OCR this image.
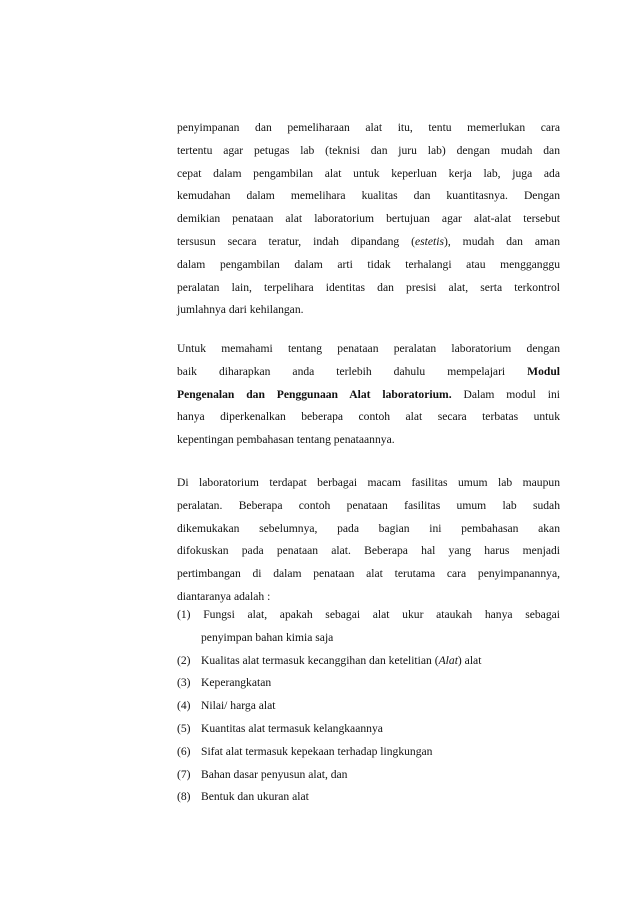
penyimpanan dan pemeliharaan alat itu, tentu memerlukan cara
tertentu agar petugas lab (teknisi dan juru lab) dengan mudah dan
cepat dalam pengambilan alat untuk keperluan kerja lab, juga ada
kemudahan dalam memelihara kualitas dan kuantitasnya. Dengan
demikian penataan alat laboratorium bertujuan agar alat-alat tersebut
tersusun secara teratur, indah dipandang (estetis), mudah dan aman
dalam pengambilan dalam arti tidak terhalangi atau mengganggu
peralatan lain, terpelihara identitas dan presisi alat, serta terkontrol
jumlahnya dari kehilangan.
Untuk memahami tentang penataan peralatan laboratorium dengan
baik diharapkan anda terlebih dahulu mempelajari Modul
Pengenalan dan Penggunaan Alat laboratorium. Dalam modul ini
hanya diperkenalkan beberapa contoh alat secara terbatas untuk
kepentingan pembahasan tentang penataannya.
Di laboratorium terdapat berbagai macam fasilitas umum lab maupun
peralatan. Beberapa contoh penataan fasilitas umum lab sudah
dikemukakan sebelumnya, pada bagian ini pembahasan akan
difokuskan pada penataan alat. Beberapa hal yang harus menjadi
pertimbangan di dalam penataan alat terutama cara penyimpanannya,
diantaranya adalah :
(1) Fungsi alat, apakah sebagai alat ukur ataukah hanya sebagai
penyimpan bahan kimia saja
(2) Kualitas alat termasuk kecanggihan dan ketelitian (Alat) alat
(3) Keperangkatan
(4) Nilai/ harga alat
(5) Kuantitas alat termasuk kelangkaannya
(6) Sifat alat termasuk kepekaan terhadap lingkungan
(7) Bahan dasar penyusun alat, dan
(8) Bentuk dan ukuran alat
